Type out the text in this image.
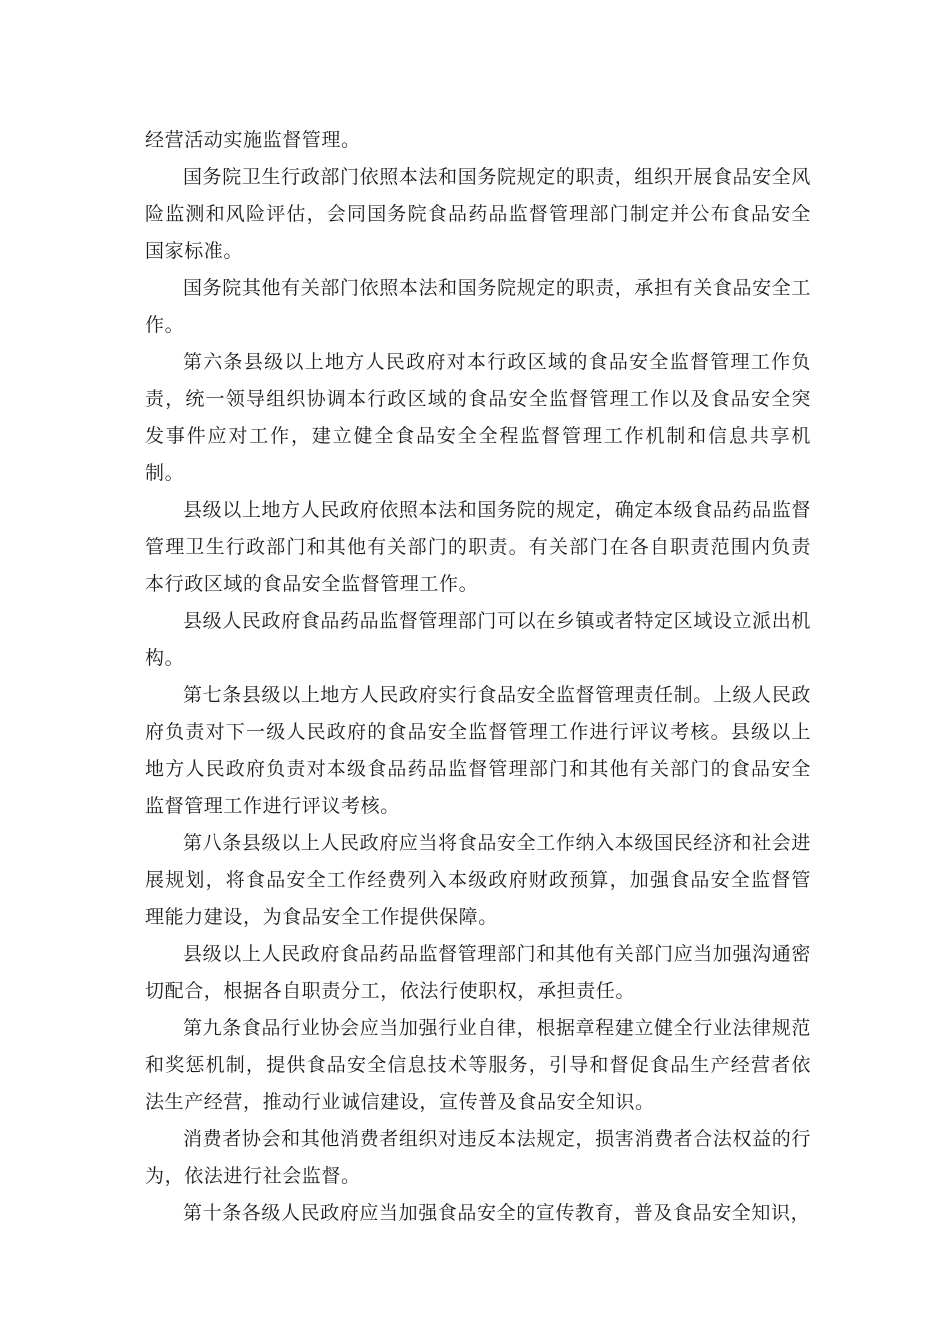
经营活动实施监督管理。

国务院卫生行政部门依照本法和国务院规定的职责，组织开展食品安全风险监测和风险评估，会同国务院食品药品监督管理部门制定并公布食品安全国家标准。

国务院其他有关部门依照本法和国务院规定的职责，承担有关食品安全工作。

第六条县级以上地方人民政府对本行政区域的食品安全监督管理工作负责，统一领导组织协调本行政区域的食品安全监督管理工作以及食品安全突发事件应对工作，建立健全食品安全全程监督管理工作机制和信息共享机制。

县级以上地方人民政府依照本法和国务院的规定，确定本级食品药品监督管理卫生行政部门和其他有关部门的职责。有关部门在各自职责范围内负责本行政区域的食品安全监督管理工作。

县级人民政府食品药品监督管理部门可以在乡镇或者特定区域设立派出机构。

第七条县级以上地方人民政府实行食品安全监督管理责任制。上级人民政府负责对下一级人民政府的食品安全监督管理工作进行评议考核。县级以上地方人民政府负责对本级食品药品监督管理部门和其他有关部门的食品安全监督管理工作进行评议考核。

第八条县级以上人民政府应当将食品安全工作纳入本级国民经济和社会进展规划，将食品安全工作经费列入本级政府财政预算，加强食品安全监督管理能力建设，为食品安全工作提供保障。

县级以上人民政府食品药品监督管理部门和其他有关部门应当加强沟通密切配合，根据各自职责分工，依法行使职权，承担责任。

第九条食品行业协会应当加强行业自律，根据章程建立健全行业法律规范和奖惩机制，提供食品安全信息技术等服务，引导和督促食品生产经营者依法生产经营，推动行业诚信建设，宣传普及食品安全知识。

消费者协会和其他消费者组织对违反本法规定，损害消费者合法权益的行为，依法进行社会监督。

第十条各级人民政府应当加强食品安全的宣传教育，普及食品安全知识，
